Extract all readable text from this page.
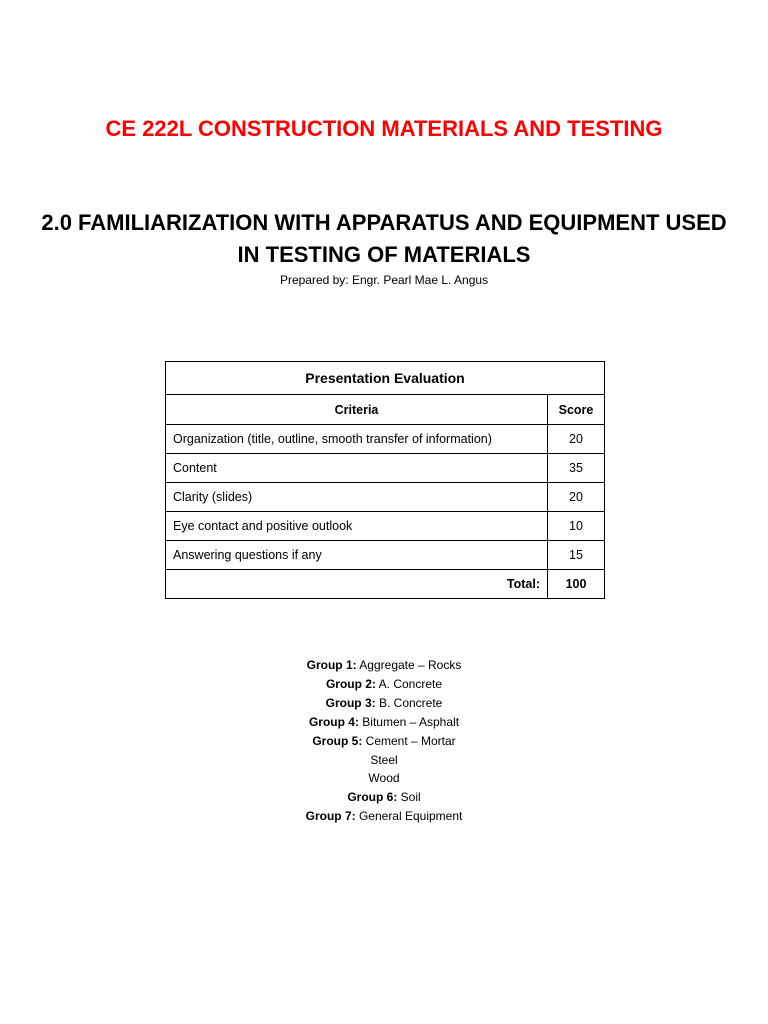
CE 222L CONSTRUCTION MATERIALS AND TESTING
2.0 FAMILIARIZATION WITH APPARATUS AND EQUIPMENT USED
IN TESTING OF MATERIALS

Prepared by: Engr. Pearl Mae L. Angus

Presentation Evaluation	
Criteria	Score
Organization (title, outline, smooth transfer of information)	20
Content	35
Clarity (slides)	20
Eye contact and positive outlook	10
Answering questions if any	15
Total:	100
Group 1: Aggregate – Rocks
Group 2: A. Concrete
Group 3: B. Concrete
Group 4: Bitumen – Asphalt
Group 5: Cement – Mortar
Steel
Wood
Group 6: Soil
Group 7: General Equipment
